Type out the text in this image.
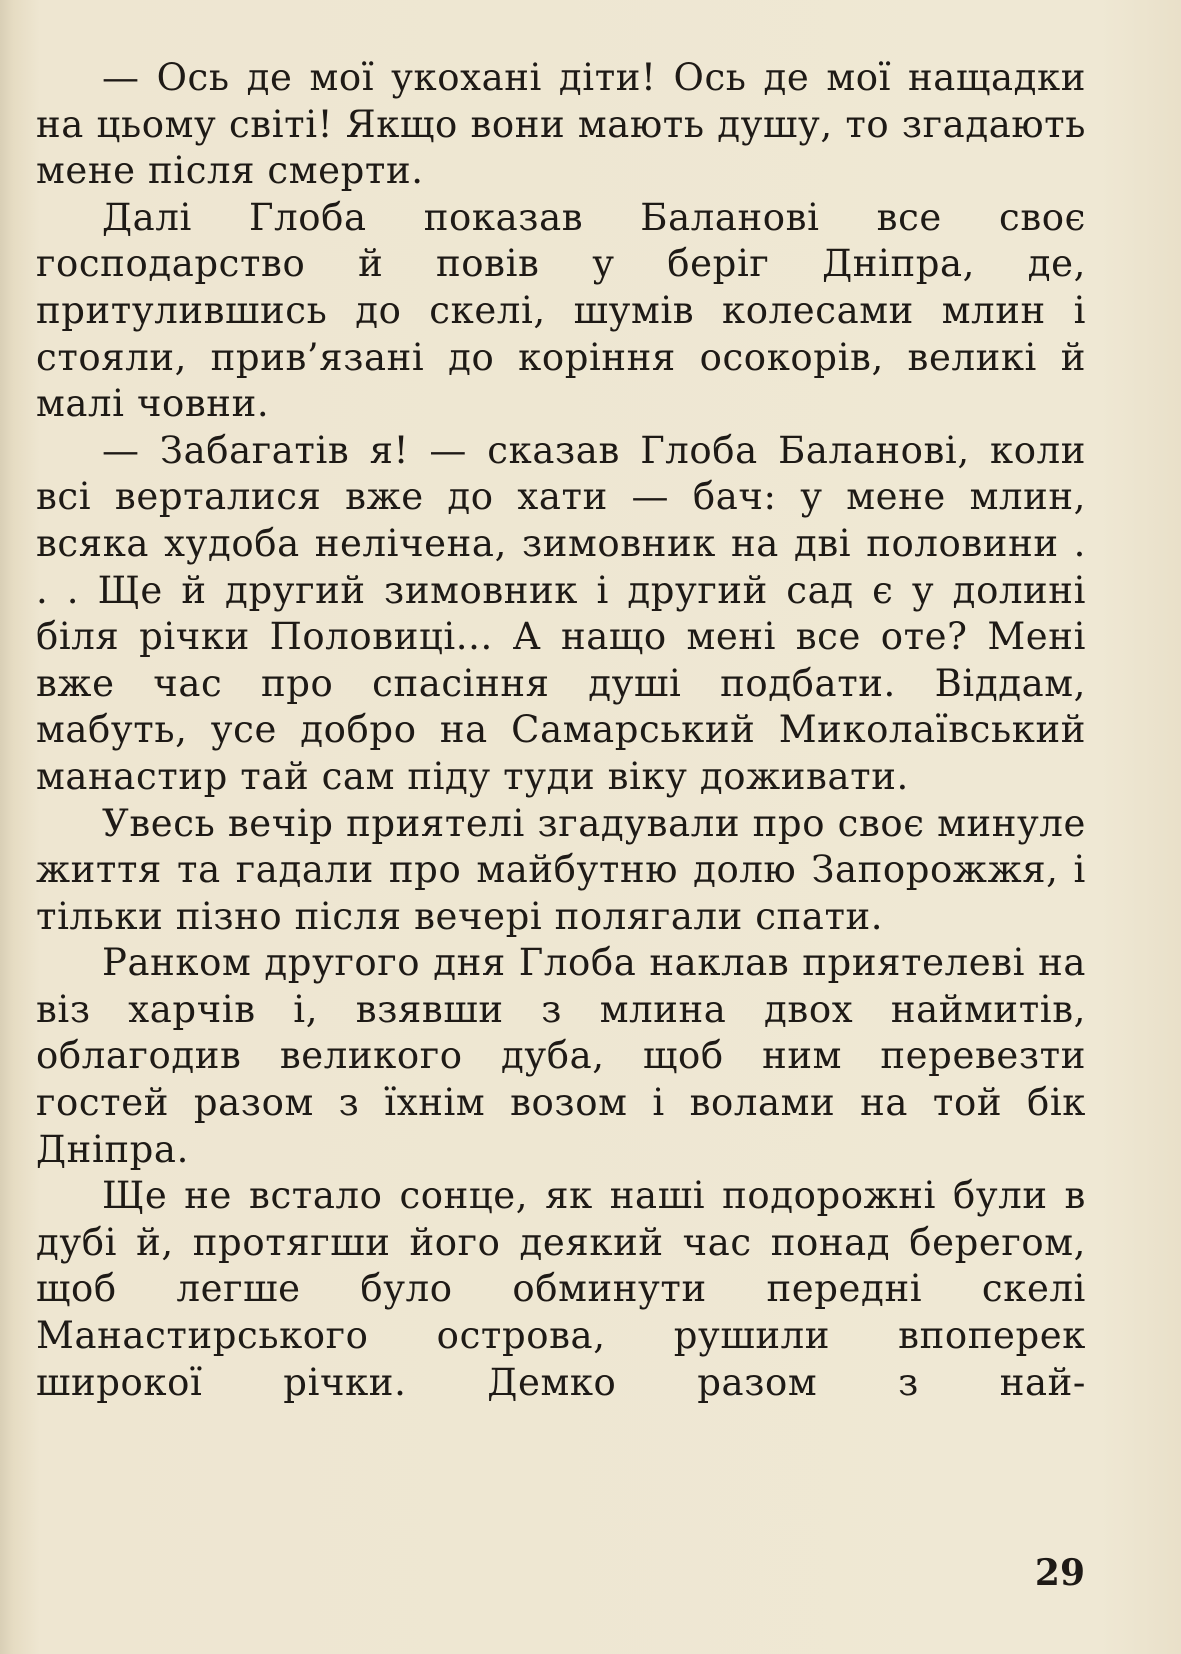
— Ось де мої укохані діти! Ось де мої нащадки на цьому світі! Якщо вони мають душу, то згадають мене після смерти.

Далі Глоба показав Баланові все своє господарство й повів у беріг Дніпра, де, притулившись до скелі, шумів колесами млин і стояли, прив’язані до коріння осокорів, великі й малі човни.

— Забагатів я! — сказав Глоба Баланові, коли всі верталися вже до хати — бач: у мене млин, всяка худоба нелічена, зимовник на дві половини . . . Ще й другий зимовник і другий сад є у долині біля річки Половиці... А нащо мені все оте? Мені вже час про спасіння душі подбати. Віддам, мабуть, усе добро на Самарський Миколаївський манастир тай сам піду туди віку доживати.

Увесь вечір приятелі згадували про своє минуле життя та гадали про майбутню долю Запорожжя, і тільки пізно після вечері полягали спати.

Ранком другого дня Глоба наклав приятелеві на віз харчів і, взявши з млина двох наймитів, облагодив великого дуба, щоб ним перевезти гостей разом з їхнім возом і волами на той бік Дніпра.

Ще не встало сонце, як наші подорожні були в дубі й, протягши його деякий час понад берегом, щоб легше було обминути передні скелі Манастирського острова, рушили впоперек широкої річки. Демко разом з най-

29
